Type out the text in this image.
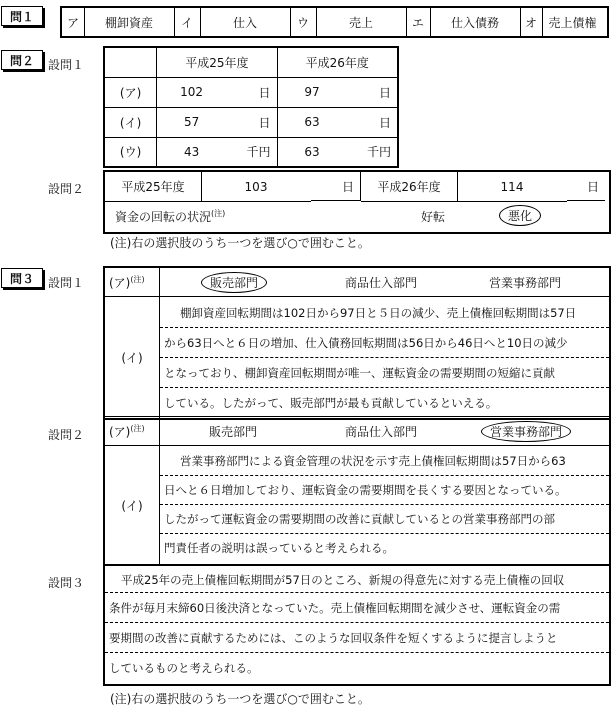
問１	ア	棚卸資産	イ	仕入	ウ	売上	エ	仕入債務	オ 売上債権
問２	設問１
		平成25年度		平成26年度	
(ア)	102	日	97	日
(イ)	57	日	63	日
(ウ)	43	千円	63	千円
設問２	平成25年度	103	日	平成26年度	114	日
資金の回転の状況$^{(注)}$	好転	悪化
(注)右の選択肢のうち一つを選び○で囲むこと。
問３	設問１ (ア)$^{(注)}$	販売部門	商品仕入部門	営業事務部門
(イ)
棚卸資産回転期間は102日から97日と５日の減少、売上債権回転期間は57日
から63日へと６日の増加、仕入債務回転期間は56日から46日へと10日の減少
となっており、棚卸資産回転期間が唯一、運転資金の需要期間の短縮に貢献
している。したがって、販売部門が最も貢献しているといえる。
設問２ (ア)$^{(注)}$	販売部門	商品仕入部門	営業事務部門
(イ)
営業事務部門による資金管理の状況を示す売上債権回転期間は57日から63
日へと６日増加しており、運転資金の需要期間を長くする要因となっている。
したがって運転資金の需要期間の改善に貢献しているとの営業事務部門の部
門責任者の説明は誤っていると考えられる。
設問３	平成25年の売上債権回転期間が57日のところ、新規の得意先に対する売上債権の回収
条件が毎月末締60日後決済となっていた。売上債権回転期間を減少させ、運転資金の需
要期間の改善に貢献するためには、このような回収条件を短くするように提言しようと
しているものと考えられる。
(注)右の選択肢のうち一つを選び○で囲むこと。
